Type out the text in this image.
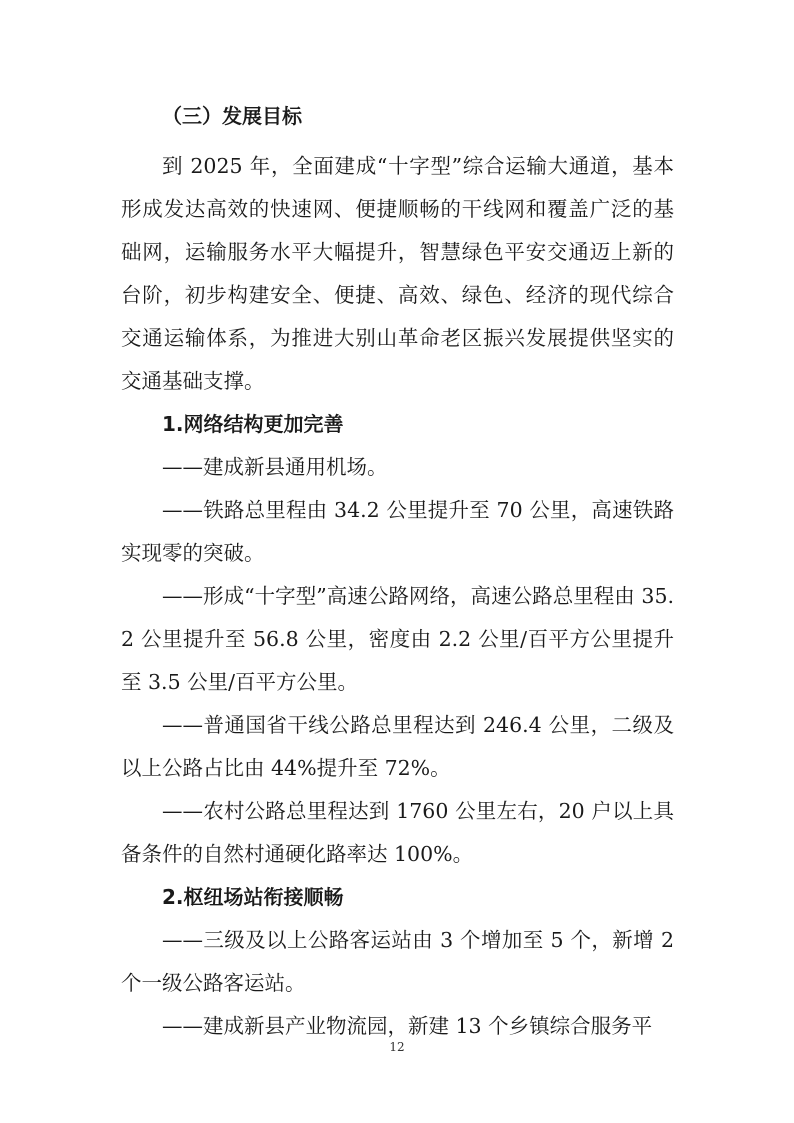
（三）发展目标

到 2025 年，全面建成“十字型”综合运输大通道，基本形成发达高效的快速网、便捷顺畅的干线网和覆盖广泛的基础网，运输服务水平大幅提升，智慧绿色平安交通迈上新的台阶，初步构建安全、便捷、高效、绿色、经济的现代综合交通运输体系，为推进大别山革命老区振兴发展提供坚实的交通基础支撑。

1.网络结构更加完善

——建成新县通用机场。

——铁路总里程由 34.2 公里提升至 70 公里，高速铁路实现零的突破。

——形成“十字型”高速公路网络，高速公路总里程由 35.2 公里提升至 56.8 公里，密度由 2.2 公里/百平方公里提升至 3.5 公里/百平方公里。

——普通国省干线公路总里程达到 246.4 公里，二级及以上公路占比由 44%提升至 72%。

——农村公路总里程达到 1760 公里左右，20 户以上具备条件的自然村通硬化路率达 100%。

2.枢纽场站衔接顺畅

——三级及以上公路客运站由 3 个增加至 5 个，新增 2 个一级公路客运站。

——建成新县产业物流园，新建 13 个乡镇综合服务平

12
